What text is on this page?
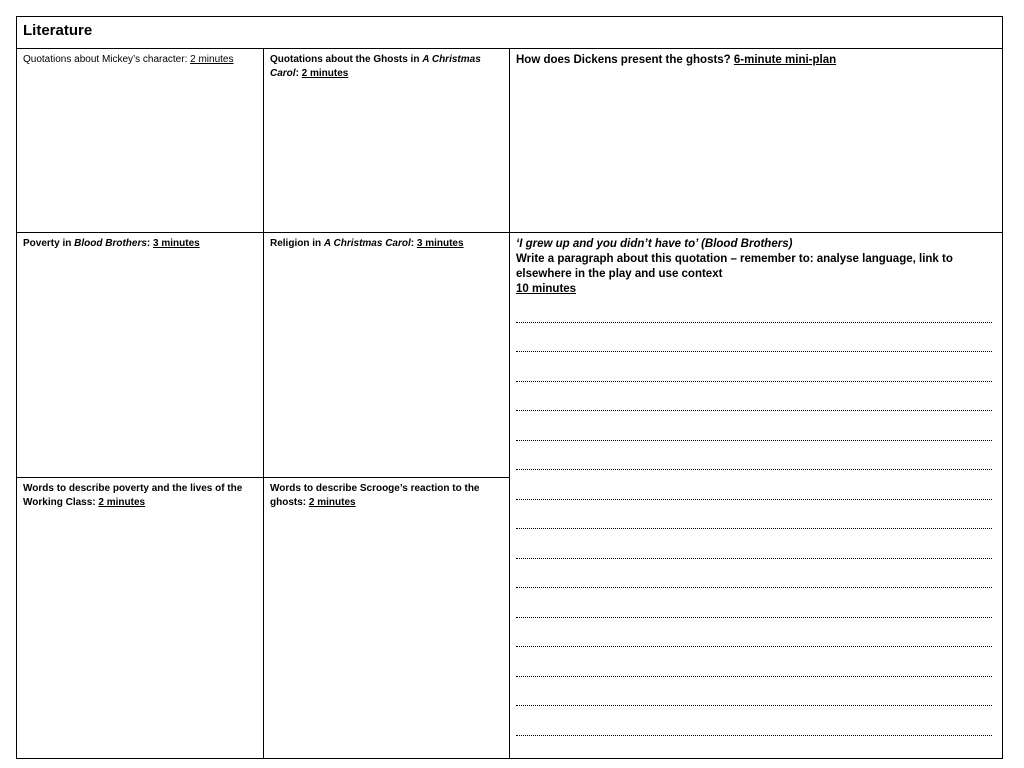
Literature
Quotations about Mickey’s character: 2 minutes	Quotations about the Ghosts in A Christmas Carol: 2 minutes
How does Dickens present the ghosts? 6-minute mini-plan
Poverty in Blood Brothers: 3 minutes	Religion in A Christmas Carol: 3 minutes	‘I grew up and you didn’t have to’ (Blood Brothers)
Write a paragraph about this quotation – remember to: analyse language, link to elsewhere in the play and use context
10 minutes
Words to describe poverty and the lives of the Working Class: 2 minutes
Words to describe Scrooge’s reaction to the ghosts: 2 minutes
